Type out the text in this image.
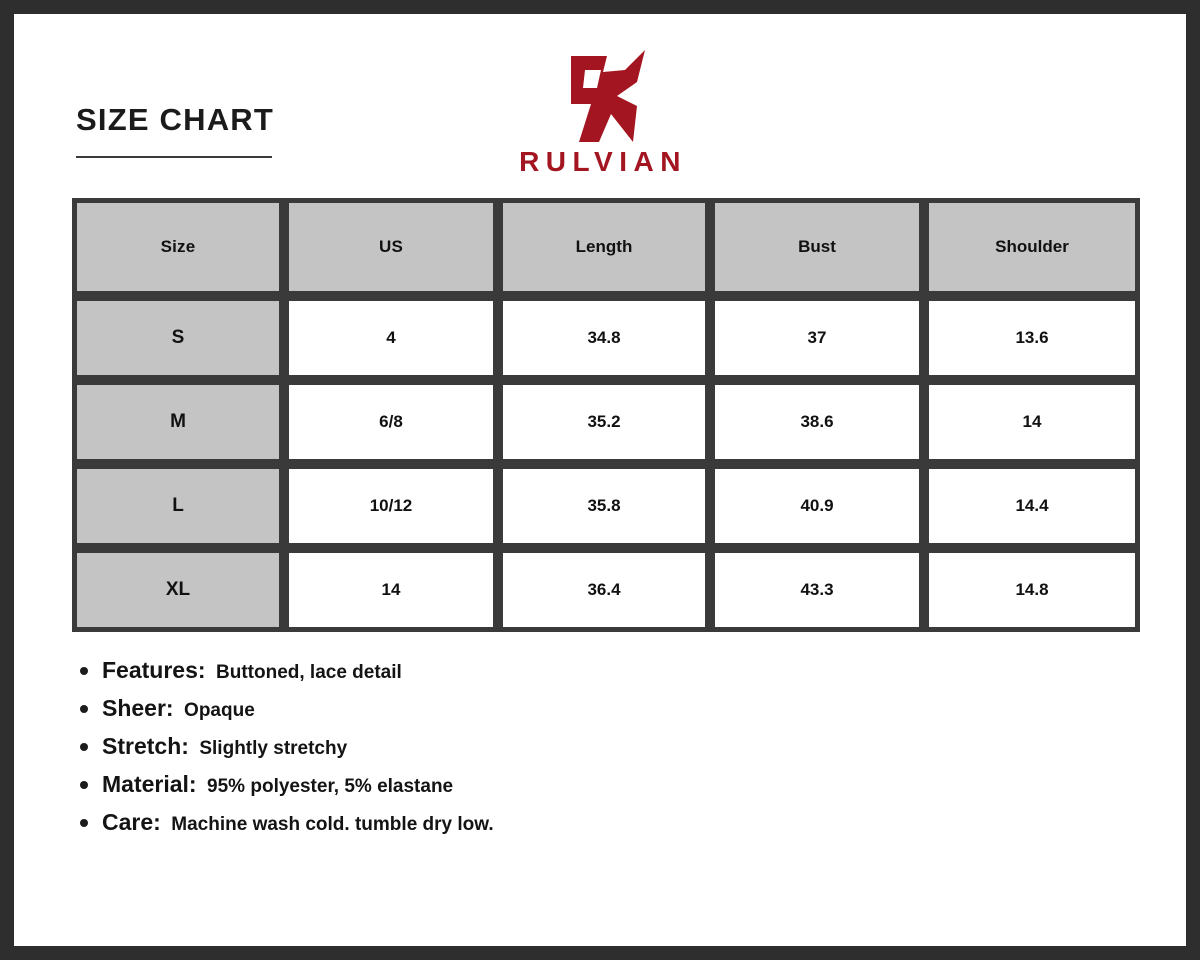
SIZE CHART
RULVIAN
Size	US	Length	Bust	Shoulder
S	4	34.8	37	13.6
M	6/8	35.2	38.6	14
L	10/12	35.8	40.9	14.4
XL	14	36.4	43.3	14.8
Features: Buttoned, lace detail
Sheer: Opaque
Stretch: Slightly stretchy
Material: 95% polyester, 5% elastane
Care: Machine wash cold. tumble dry low.
